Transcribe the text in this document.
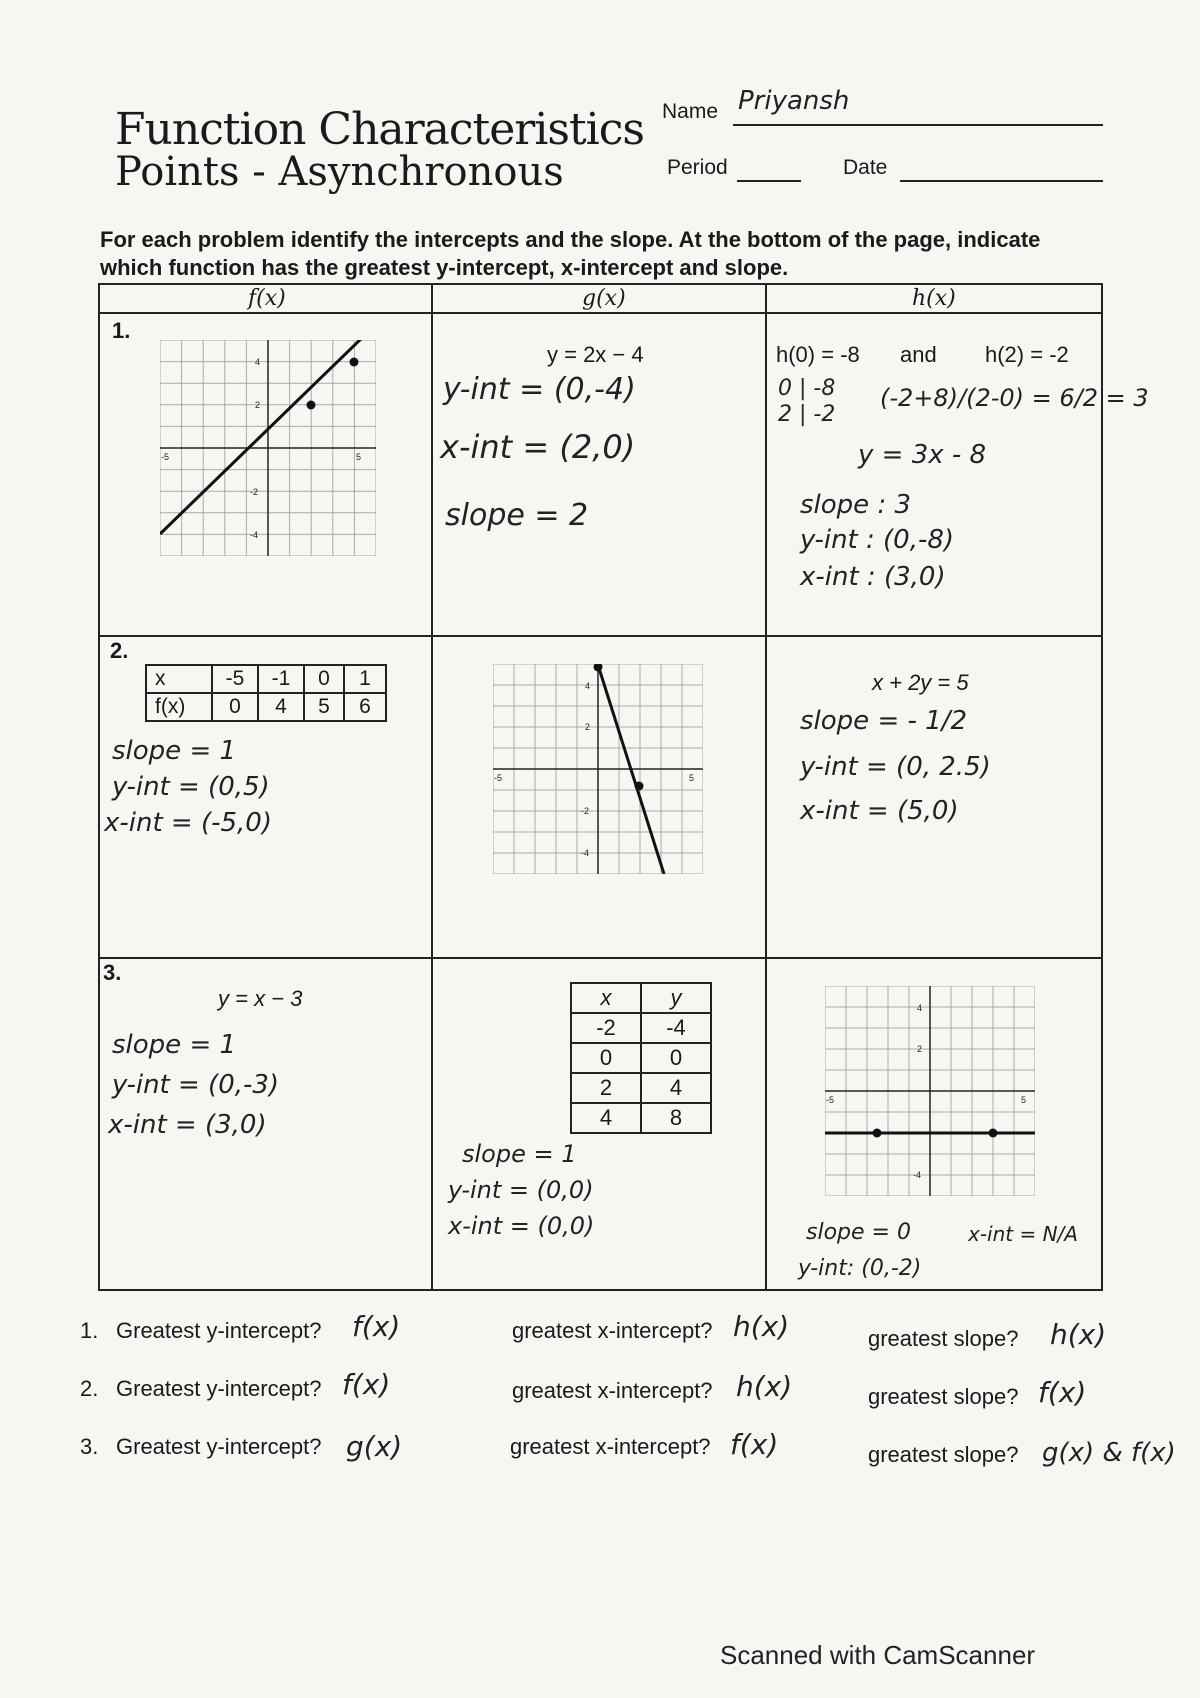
Function Characteristics
Points - Asynchronous
Name Priyansh
Period	Date
For each problem identify the intercepts and the slope. At the bottom of the page, indicate which function has the greatest y-intercept, x-intercept and slope.
f(x)	g(x)	h(x)
1.
-5	5
4
2
-2
-4
y = 2x − 4
y-int = (0,-4)
x-int = (2,0)
slope = 2
h(0) = -8 and h(2) = -2
0 | -8
2 | -2
(-2+8)/(2-0) = 6/2 = 3
y = 3x - 8
slope : 3
y-int : (0,-8)
x-int : (3,0)
2.
x	-5	-1	0	1
f(x)	0	4	5	6
slope = 1
y-int = (0,5)
x-int = (-5,0)
-5	5
4
2
-2
-4
x + 2y = 5
slope = - 1/2
y-int = (0, 2.5)
x-int = (5,0)
3.
y = x − 3
slope = 1
y-int = (0,-3)
x-int = (3,0)
x	y
-2	-4
0	0
2	4
4	8
slope = 1
y-int = (0,0)
x-int = (0,0)
-5	5
4
2
-4
slope = 0	x-int = N/A
y-int: (0,-2)
1. Greatest y-intercept? f(x)	greatest x-intercept? h(x)	greatest slope? h(x)
2. Greatest y-intercept? f(x)	greatest x-intercept? h(x)	greatest slope? f(x)
3. Greatest y-intercept? g(x)	greatest x-intercept? f(x)	greatest slope? g(x) & f(x)
Scanned with CamScanner
